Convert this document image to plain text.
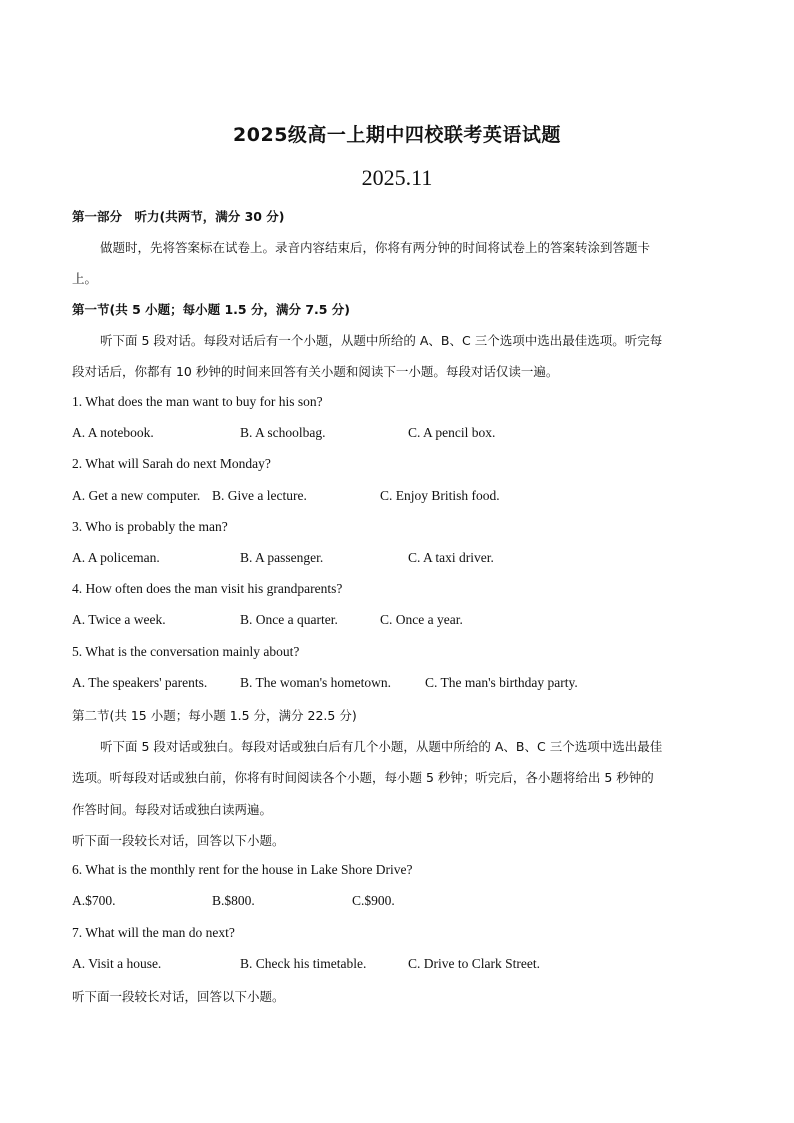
2025级高一上期中四校联考英语试题
2025.11
第一部分　听力(共两节，满分 30 分)
做题时，先将答案标在试卷上。录音内容结束后，你将有两分钟的时间将试卷上的答案转涂到答题卡
上。
第一节(共 5 小题；每小题 1.5 分，满分 7.5 分)
听下面 5 段对话。每段对话后有一个小题，从题中所给的 A、B、C 三个选项中选出最佳选项。听完每
段对话后，你都有 10 秒钟的时间来回答有关小题和阅读下一小题。每段对话仅读一遍。
1. What does the man want to buy for his son?
A. A notebook.	B. A schoolbag.	C. A pencil box.
2. What will Sarah do next Monday?
A. Get a new computer. B. Give a lecture.	C. Enjoy British food.
3. Who is probably the man?
A. A policeman.	B. A passenger.	C. A taxi driver.
4. How often does the man visit his grandparents?
A. Twice a week.	B. Once a quarter.	C. Once a year.
5. What is the conversation mainly about?
A. The speakers' parents. B. The woman's hometown.	C. The man's birthday party.
第二节(共 15 小题；每小题 1.5 分，满分 22.5 分)
听下面 5 段对话或独白。每段对话或独白后有几个小题，从题中所给的 A、B、C 三个选项中选出最佳
选项。听每段对话或独白前，你将有时间阅读各个小题，每小题 5 秒钟；听完后，各小题将给出 5 秒钟的
作答时间。每段对话或独白读两遍。
听下面一段较长对话，回答以下小题。
6. What is the monthly rent for the house in Lake Shore Drive?
A.$700.	B.$800.	C.$900.
7. What will the man do next?
A. Visit a house.	B. Check his timetable.	C. Drive to Clark Street.
听下面一段较长对话，回答以下小题。
